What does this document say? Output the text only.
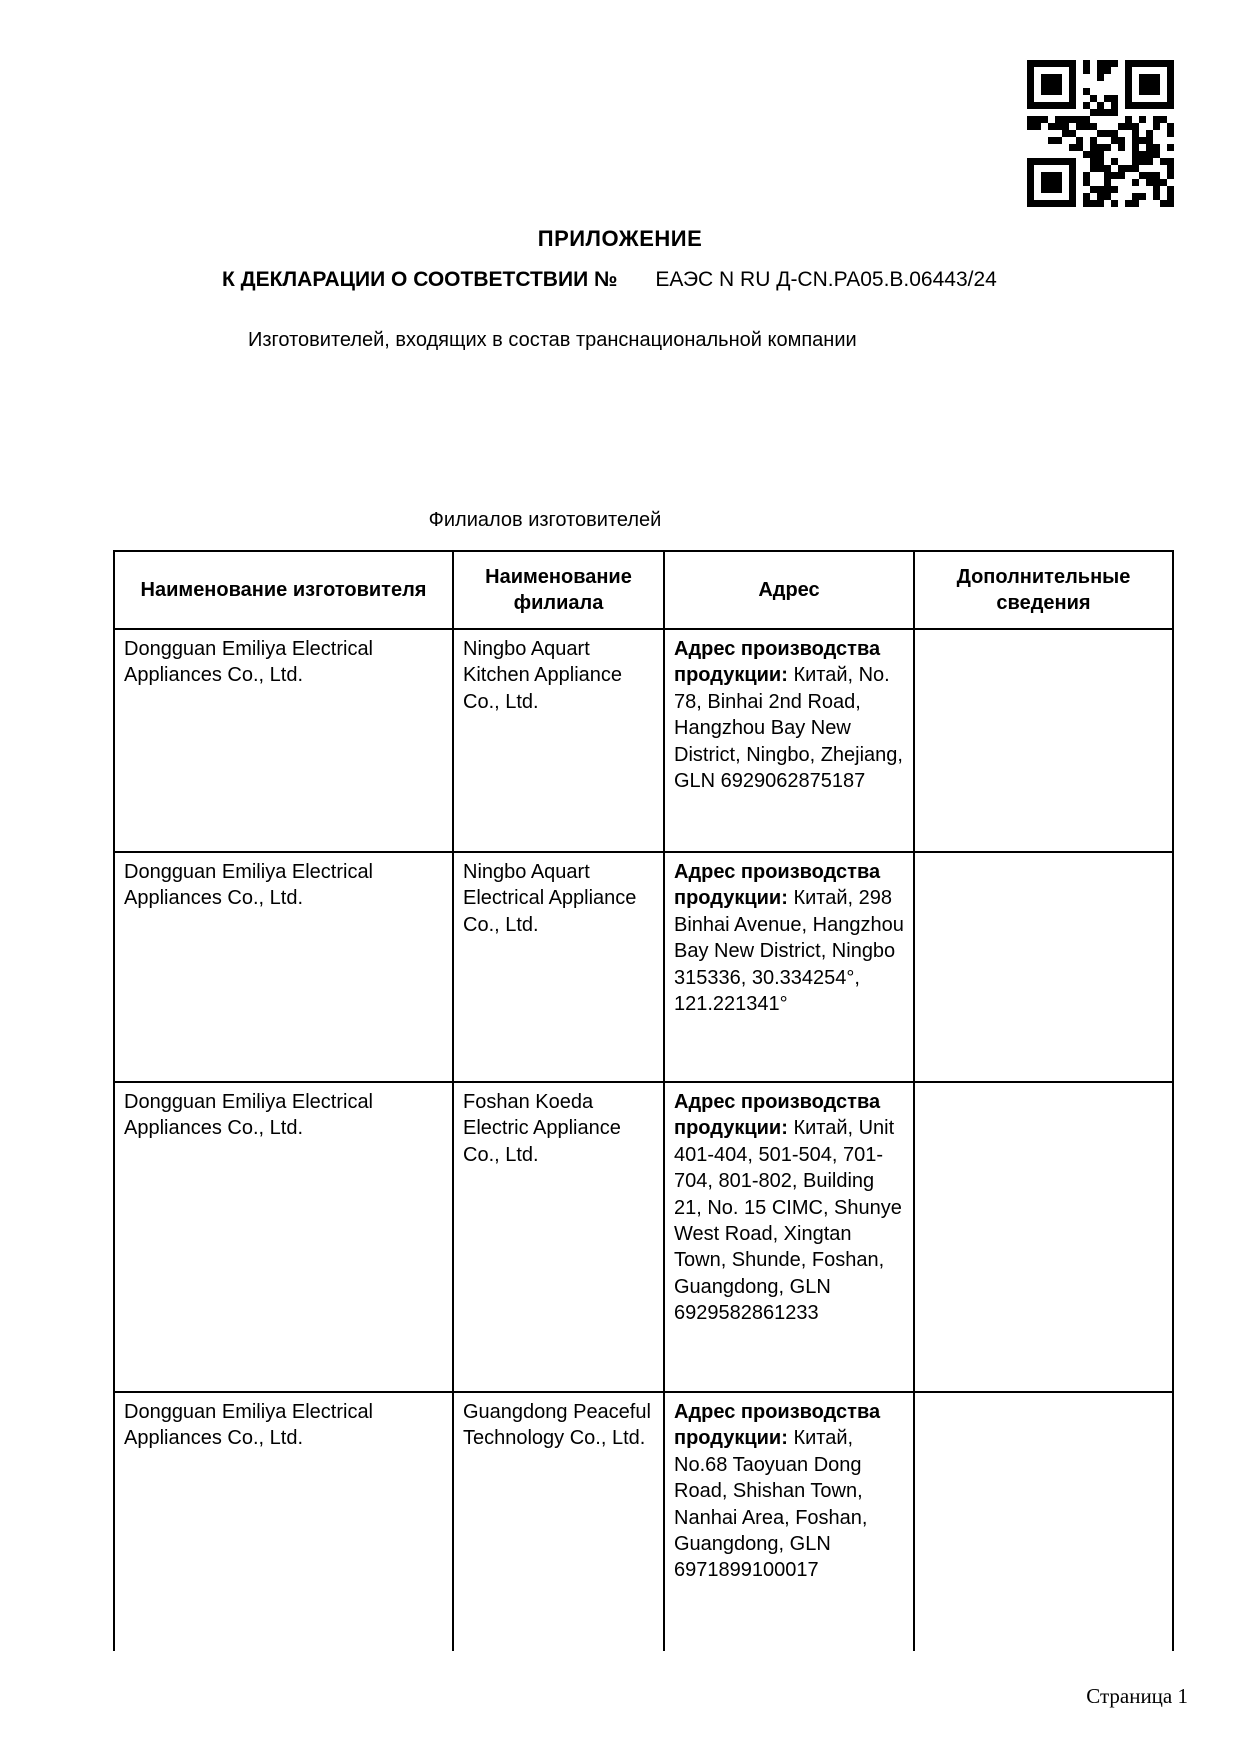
ПРИЛОЖЕНИЕ
К ДЕКЛАРАЦИИ О СООТВЕТСТВИИ № ЕАЭС N RU Д-CN.РА05.В.06443/24
Изготовителей, входящих в состав транснациональной компании
Филиалов изготовителей
Наименование изготовителя	Наименование филиала	Адрес	Дополнительные сведения
Dongguan Emiliya Electrical Appliances Co., Ltd.	Ningbo Aquart Kitchen Appliance Co., Ltd.	Адрес производства продукции: Китай, No. 78, Binhai 2nd Road, Hangzhou Bay New District, Ningbo, Zhejiang, GLN 6929062875187	
Dongguan Emiliya Electrical Appliances Co., Ltd.	Ningbo Aquart Electrical Appliance Co., Ltd.	Адрес производства продукции: Китай, 298 Binhai Avenue, Hangzhou Bay New District, Ningbo 315336, 30.334254°, 121.221341°	
Dongguan Emiliya Electrical Appliances Co., Ltd.	Foshan Koeda Electric Appliance Co., Ltd.	Адрес производства продукции: Китай, Unit 401-404, 501-504, 701-704, 801-802, Building 21, No. 15 CIMC, Shunye West Road, Xingtan Town, Shunde, Foshan, Guangdong, GLN 6929582861233	
Dongguan Emiliya Electrical Appliances Co., Ltd.	Guangdong Peaceful Technology Co., Ltd.	Адрес производства продукции: Китай, No.68 Taoyuan Dong Road, Shishan Town, Nanhai Area, Foshan, Guangdong, GLN 6971899100017	
Страница 1
